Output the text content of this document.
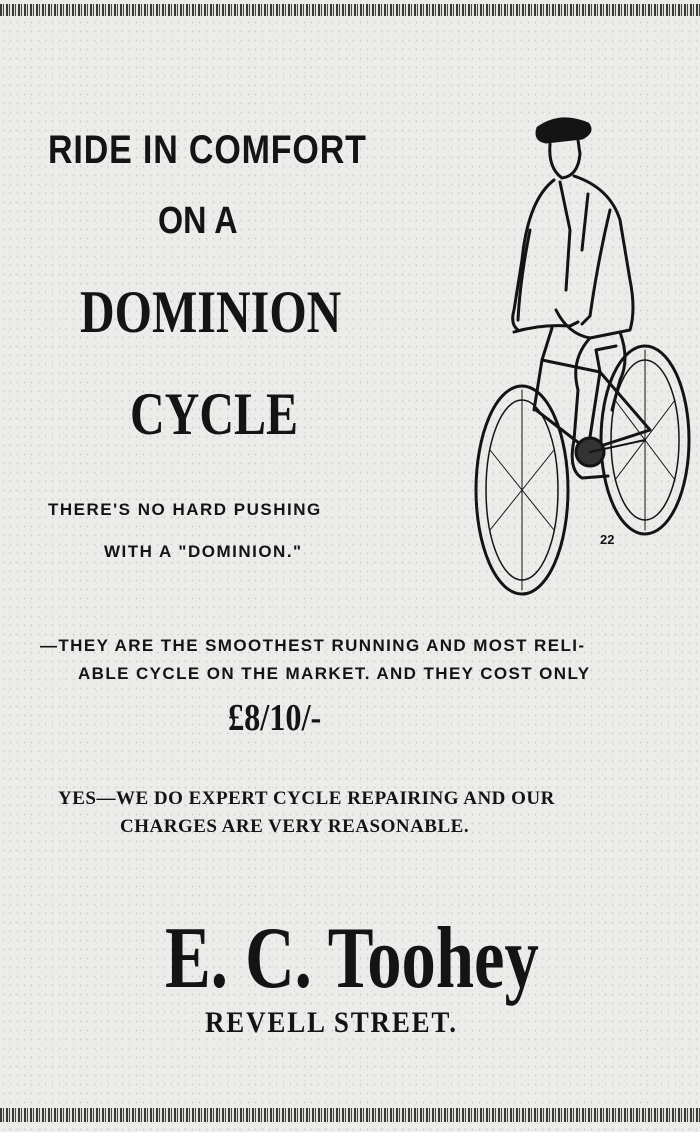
RIDE IN COMFORT

ON A

DOMINION

CYCLE

THERE'S NO HARD PUSHING

WITH A "DOMINION."

22

—THEY ARE THE SMOOTHEST RUNNING AND MOST RELI-

ABLE CYCLE ON THE MARKET. AND THEY COST ONLY

£8/10/-

YES—WE DO EXPERT CYCLE REPAIRING AND OUR

CHARGES ARE VERY REASONABLE.

E. C. Toohey

REVELL STREET.
